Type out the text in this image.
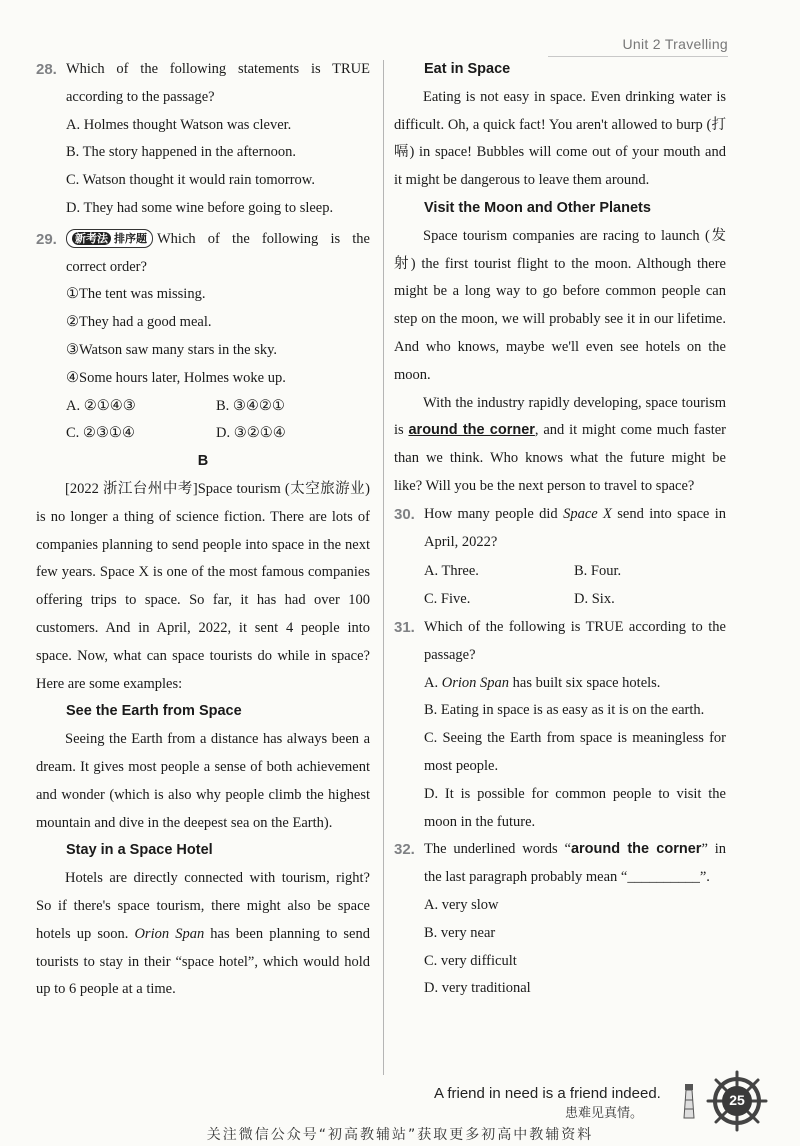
Unit 2 Travelling
28. Which of the following statements is TRUE according to the passage?
A. Holmes thought Watson was clever.
B. The story happened in the afternoon.
C. Watson thought it would rain tomorrow.
D. They had some wine before going to sleep.
29.	新考法 排序题 Which of the following is the correct order?
①The tent was missing.
②They had a good meal.
③Watson saw many stars in the sky.
④Some hours later, Holmes woke up.
A. ②①④③	B. ③④②①
C. ②③①④	D. ③②①④
B

[2022 浙江台州中考]Space tourism (太空旅游业) is no longer a thing of science fiction. There are lots of companies planning to send people into space in the next few years. Space X is one of the most famous companies offering trips to space. So far, it has had over 100 customers. And in April, 2022, it sent 4 people into space. Now, what can space tourists do while in space? Here are some examples:

See the Earth from Space

Seeing the Earth from a distance has always been a dream. It gives most people a sense of both achievement and wonder (which is also why people climb the highest mountain and dive in the deepest sea on the Earth).

Stay in a Space Hotel

Hotels are directly connected with tourism, right? So if there's space tourism, there might also be space hotels up soon. Orion Span has been planning to send tourists to stay in their “space hotel”, which would hold up to 6 people at a time.

Eat in Space

Eating is not easy in space. Even drinking water is difficult. Oh, a quick fact! You aren't allowed to burp (打嗝) in space! Bubbles will come out of your mouth and it might be dangerous to leave them around.

Visit the Moon and Other Planets

Space tourism companies are racing to launch (发射) the first tourist flight to the moon. Although there might be a long way to go before common people can step on the moon, we will probably see it in our lifetime. And who knows, maybe we'll even see hotels on the moon.

With the industry rapidly developing, space tourism is around the corner, and it might come much faster than we think. Who knows what the future might be like? Will you be the next person to travel to space?

30. How many people did Space X send into space in April, 2022?
A. Three.	B. Four.
C. Five.	D. Six.
31. Which of the following is TRUE according to the passage?
A. Orion Span has built six space hotels.
B. Eating in space is as easy as it is on the earth.
C. Seeing the Earth from space is meaningless for most people.
D. It is possible for common people to visit the moon in the future.
32. The underlined words “around the corner” in the last paragraph probably mean “__________”.
A. very slow
B. very near
C. very difficult
D. very traditional
A friend in need is a friend indeed.
患难见真情。
25
关注微信公众号“初高教辅站”获取更多初高中教辅资料
